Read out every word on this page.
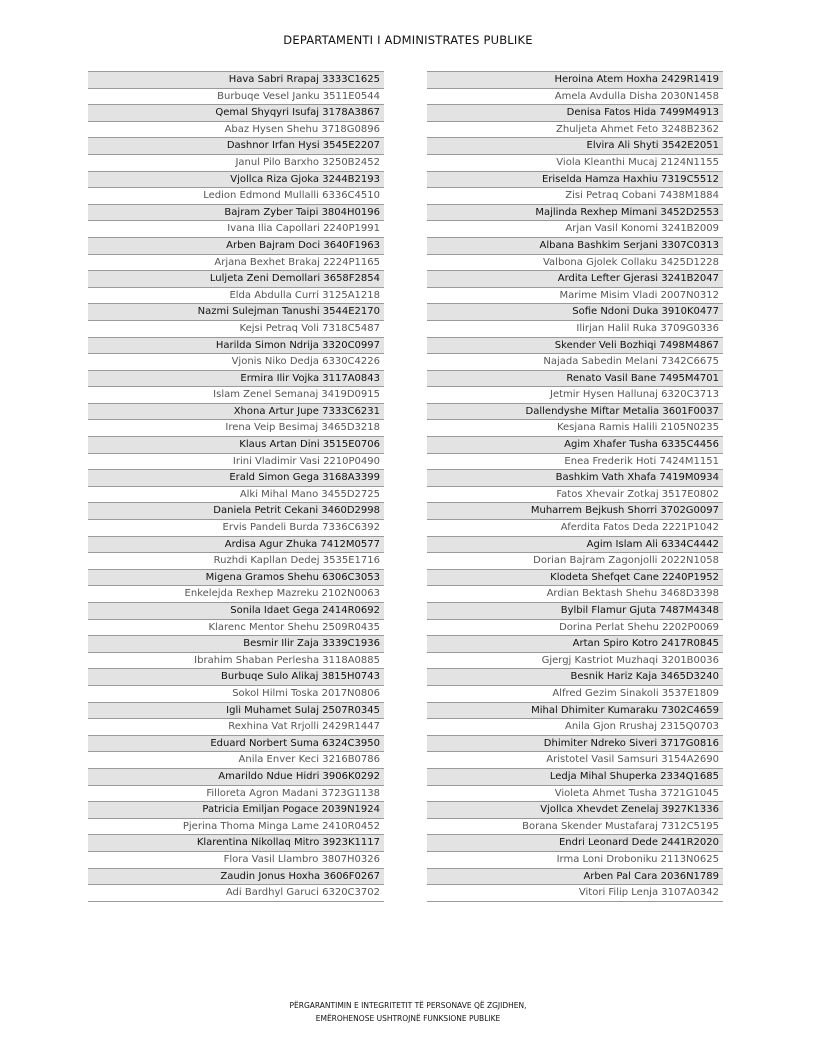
DEPARTAMENTI I ADMINISTRATES PUBLIKE
Hava Sabri Rrapaj 3333C1625
Burbuqe Vesel Janku 3511E0544
Qemal Shyqyri Isufaj 3178A3867
Abaz Hysen Shehu 3718G0896
Dashnor Irfan Hysi 3545E2207
Janul Pilo Barxho 3250B2452
Vjollca Riza Gjoka 3244B2193
Ledion Edmond Mullalli 6336C4510
Bajram Zyber Taipi 3804H0196
Ivana Ilia Capollari 2240P1991
Arben Bajram Doci 3640F1963
Arjana Bexhet Brakaj 2224P1165
Luljeta Zeni Demollari 3658F2854
Elda Abdulla Curri 3125A1218
Nazmi Sulejman Tanushi 3544E2170
Kejsi Petraq Voli 7318C5487
Harilda Simon Ndrija 3320C0997
Vjonis Niko Dedja 6330C4226
Ermira Ilir Vojka 3117A0843
Islam Zenel Semanaj 3419D0915
Xhona Artur Jupe 7333C6231
Irena Veip Besimaj 3465D3218
Klaus Artan Dini 3515E0706
Irini Vladimir Vasi 2210P0490
Erald Simon Gega 3168A3399
Alki Mihal Mano 3455D2725
Daniela Petrit Cekani 3460D2998
Ervis Pandeli Burda 7336C6392
Ardisa Agur Zhuka 7412M0577
Ruzhdi Kapllan Dedej 3535E1716
Migena Gramos Shehu 6306C3053
Enkelejda Rexhep Mazreku 2102N0063
Sonila Idaet Gega 2414R0692
Klarenc Mentor Shehu 2509R0435
Besmir Ilir Zaja 3339C1936
Ibrahim Shaban Perlesha 3118A0885
Burbuqe Sulo Alikaj 3815H0743
Sokol Hilmi Toska 2017N0806
Igli Muhamet Sulaj 2507R0345
Rexhina Vat Rrjolli 2429R1447
Eduard Norbert Suma 6324C3950
Anila Enver Keci 3216B0786
Amarildo Ndue Hidri 3906K0292
Filloreta Agron Madani 3723G1138
Patricia Emiljan Pogace 2039N1924
Pjerina Thoma Minga Lame 2410R0452
Klarentina Nikollaq Mitro 3923K1117
Flora Vasil Llambro 3807H0326
Zaudin Jonus Hoxha 3606F0267
Adi Bardhyl Garuci 6320C3702
Heroina Atem Hoxha 2429R1419
Amela Avdulla Disha 2030N1458
Denisa Fatos Hida 7499M4913
Zhuljeta Ahmet Feto 3248B2362
Elvira Ali Shyti 3542E2051
Viola Kleanthi Mucaj 2124N1155
Eriselda Hamza Haxhiu 7319C5512
Zisi Petraq Cobani 7438M1884
Majlinda Rexhep Mimani 3452D2553
Arjan Vasil Konomi 3241B2009
Albana Bashkim Serjani 3307C0313
Valbona Gjolek Collaku 3425D1228
Ardita Lefter Gjerasi 3241B2047
Marime Misim Vladi 2007N0312
Sofie Ndoni Duka 3910K0477
Ilirjan Halil Ruka 3709G0336
Skender Veli Bozhiqi 7498M4867
Najada Sabedin Melani 7342C6675
Renato Vasil Bane 7495M4701
Jetmir Hysen Hallunaj 6320C3713
Dallendyshe Miftar Metalia 3601F0037
Kesjana Ramis Halili 2105N0235
Agim Xhafer Tusha 6335C4456
Enea Frederik Hoti 7424M1151
Bashkim Vath Xhafa 7419M0934
Fatos Xhevair Zotkaj 3517E0802
Muharrem Bejkush Shorri 3702G0097
Aferdita Fatos Deda 2221P1042
Agim Islam Ali 6334C4442
Dorian Bajram Zagonjolli 2022N1058
Klodeta Shefqet Cane 2240P1952
Ardian Bektash Shehu 3468D3398
Bylbil Flamur Gjuta 7487M4348
Dorina Perlat Shehu 2202P0069
Artan Spiro Kotro 2417R0845
Gjergj Kastriot Muzhaqi 3201B0036
Besnik Hariz Kaja 3465D3240
Alfred Gezim Sinakoli 3537E1809
Mihal Dhimiter Kumaraku 7302C4659
Anila Gjon Rrushaj 2315Q0703
Dhimiter Ndreko Siveri 3717G0816
Aristotel Vasil Samsuri 3154A2690
Ledja Mihal Shuperka 2334Q1685
Violeta Ahmet Tusha 3721G1045
Vjollca Xhevdet Zenelaj 3927K1336
Borana Skender Mustafaraj 7312C5195
Endri Leonard Dede 2441R2020
Irma Loni Droboniku 2113N0625
Arben Pal Cara 2036N1789
Vitori Filip Lenja 3107A0342
PËRGARANTIMIN E INTEGRITETIT TË PERSONAVE QË ZGJIDHEN,
EMËROHENOSE USHTROJNË FUNKSIONE PUBLIKE
